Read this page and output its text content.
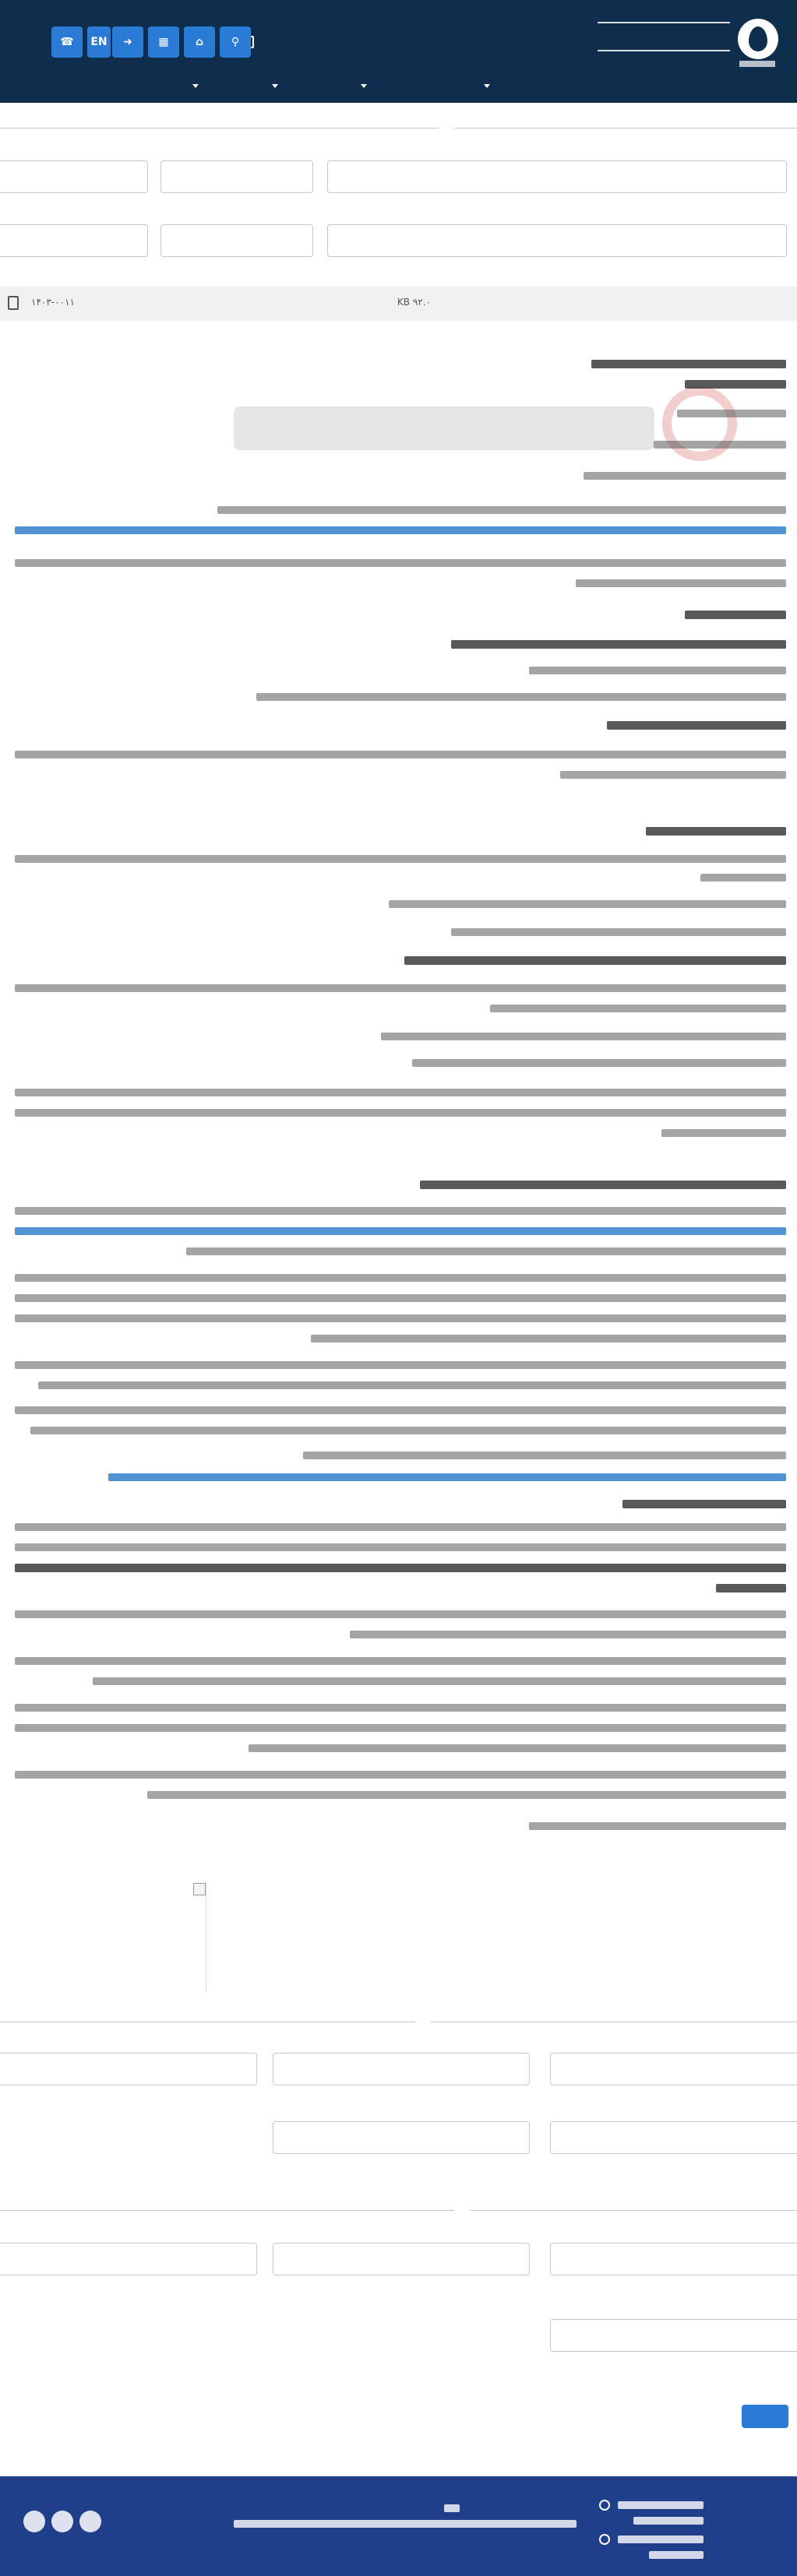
⚲
⌂
▦
➜
EN
☎
KB ۹۲.۰
۱۴۰۳-۰۰۱۱
